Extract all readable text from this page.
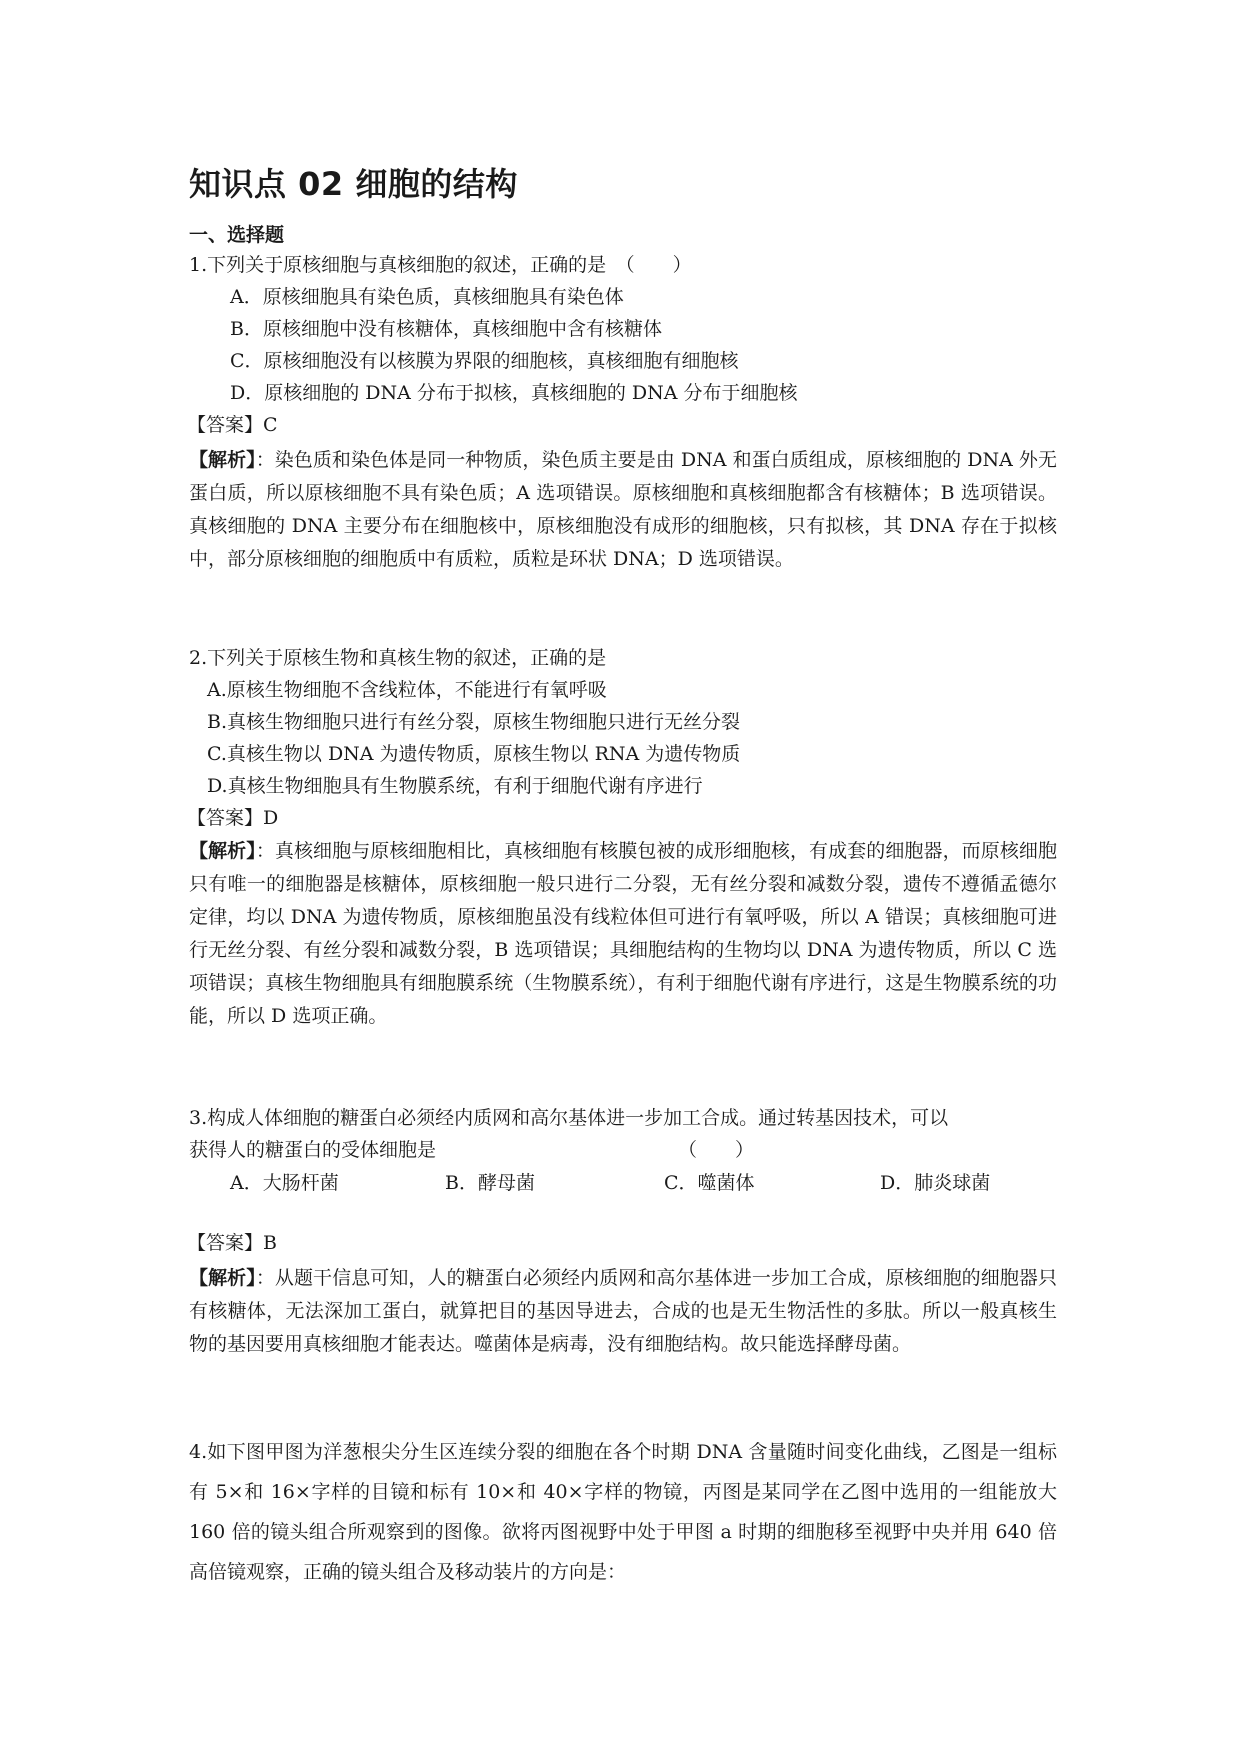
知识点 02 细胞的结构
一、选择题
1.下列关于原核细胞与真核细胞的叙述，正确的是　（　　）
A．原核细胞具有染色质，真核细胞具有染色体
B．原核细胞中没有核糖体，真核细胞中含有核糖体
C．原核细胞没有以核膜为界限的细胞核，真核细胞有细胞核
D．原核细胞的 DNA 分布于拟核，真核细胞的 DNA 分布于细胞核
【答案】C

【解析】：染色质和染色体是同一种物质，染色质主要是由 DNA 和蛋白质组成，原核细胞的 DNA 外无蛋白质，所以原核细胞不具有染色质；A 选项错误。原核细胞和真核细胞都含有核糖体；B 选项错误。真核细胞的 DNA 主要分布在细胞核中，原核细胞没有成形的细胞核，只有拟核，其 DNA 存在于拟核中，部分原核细胞的细胞质中有质粒，质粒是环状 DNA；D 选项错误。

2.下列关于原核生物和真核生物的叙述，正确的是
A.原核生物细胞不含线粒体，不能进行有氧呼吸
B.真核生物细胞只进行有丝分裂，原核生物细胞只进行无丝分裂
C.真核生物以 DNA 为遗传物质，原核生物以 RNA 为遗传物质
D.真核生物细胞具有生物膜系统，有利于细胞代谢有序进行
【答案】D

【解析】：真核细胞与原核细胞相比，真核细胞有核膜包被的成形细胞核，有成套的细胞器，而原核细胞只有唯一的细胞器是核糖体，原核细胞一般只进行二分裂，无有丝分裂和减数分裂，遗传不遵循孟德尔定律，均以 DNA 为遗传物质，原核细胞虽没有线粒体但可进行有氧呼吸，所以 A 错误；真核细胞可进行无丝分裂、有丝分裂和减数分裂，B 选项错误；具细胞结构的生物均以 DNA 为遗传物质，所以 C 选项错误；真核生物细胞具有细胞膜系统（生物膜系统），有利于细胞代谢有序进行，这是生物膜系统的功能，所以 D 选项正确。

3.构成人体细胞的糖蛋白必须经内质网和高尔基体进一步加工合成。通过转基因技术，可以
获得人的糖蛋白的受体细胞是	（　　）
A．大肠杆菌	B．酵母菌	C．噬菌体	D．肺炎球菌
【答案】B

【解析】：从题干信息可知，人的糖蛋白必须经内质网和高尔基体进一步加工合成，原核细胞的细胞器只有核糖体，无法深加工蛋白，就算把目的基因导进去，合成的也是无生物活性的多肽。所以一般真核生物的基因要用真核细胞才能表达。噬菌体是病毒，没有细胞结构。故只能选择酵母菌。

4.如下图甲图为洋葱根尖分生区连续分裂的细胞在各个时期 DNA 含量随时间变化曲线，乙图是一组标有 5×和 16×字样的目镜和标有 10×和 40×字样的物镜，丙图是某同学在乙图中选用的一组能放大 160 倍的镜头组合所观察到的图像。欲将丙图视野中处于甲图 a 时期的细胞移至视野中央并用 640 倍高倍镜观察，正确的镜头组合及移动装片的方向是：
